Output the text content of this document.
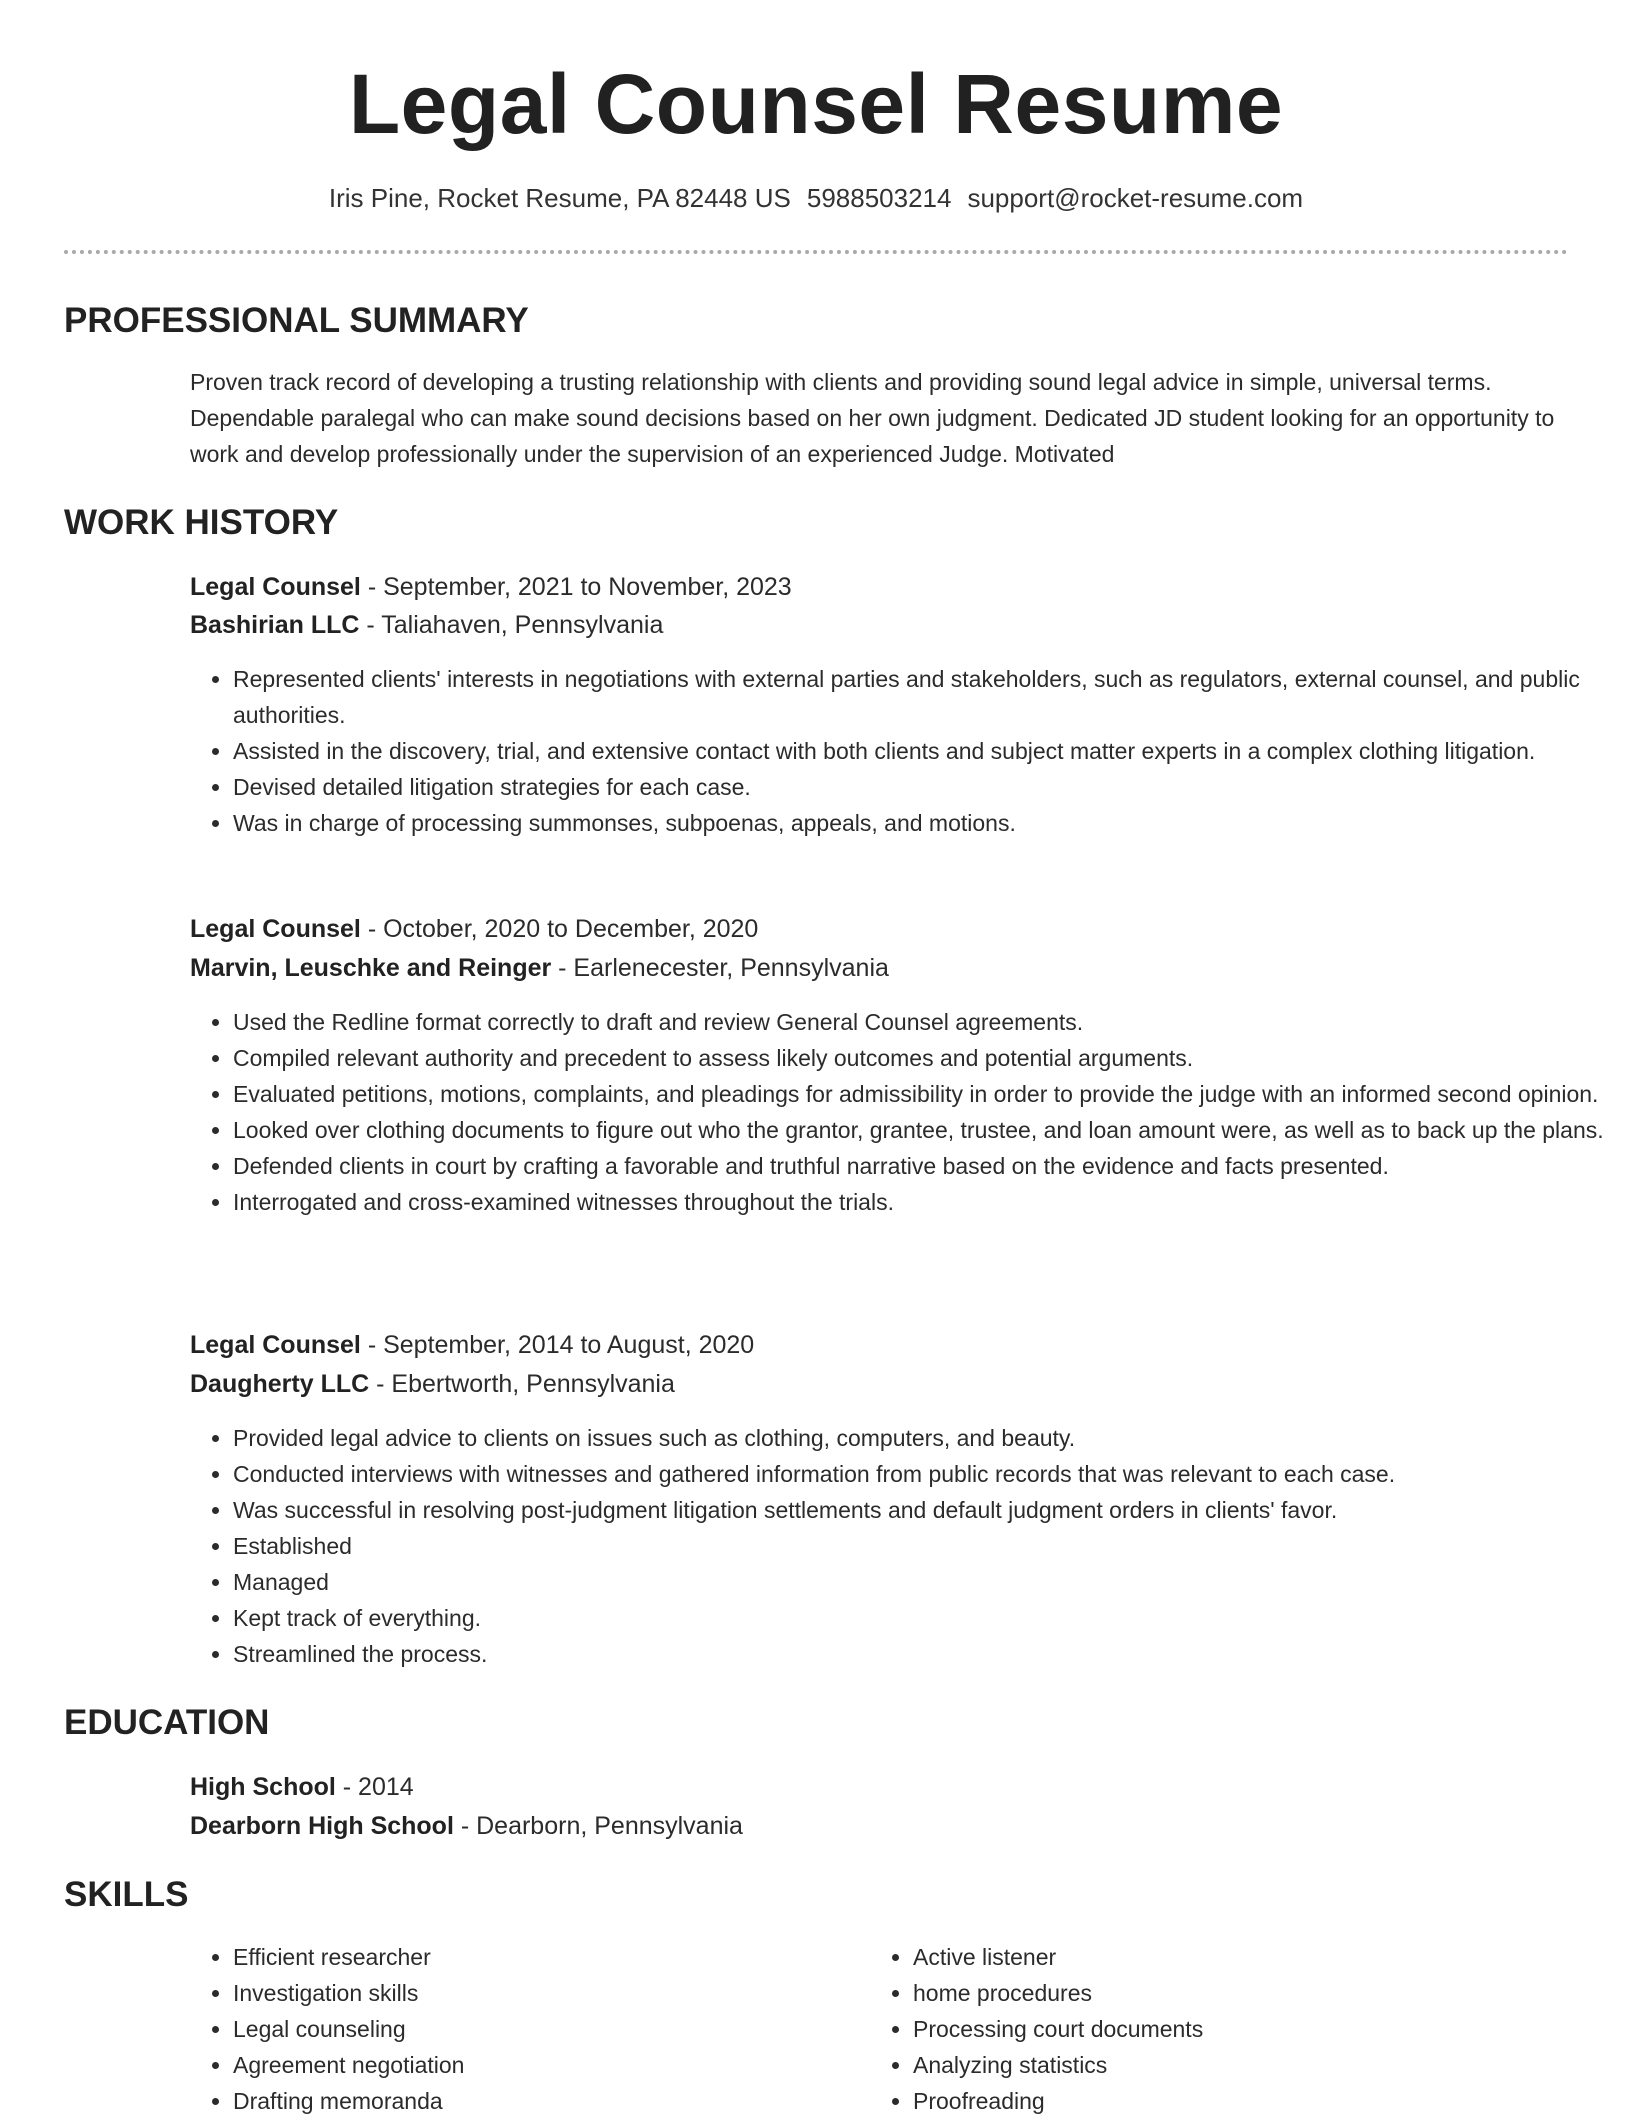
Legal Counsel Resume

Iris Pine, Rocket Resume, PA 82448 US 5988503214 support@rocket-resume.com

PROFESSIONAL SUMMARY

Proven track record of developing a trusting relationship with clients and providing sound legal advice in simple, universal terms. Dependable paralegal who can make sound decisions based on her own judgment. Dedicated JD student looking for an opportunity to work and develop professionally under the supervision of an experienced Judge. Motivated

WORK HISTORY

Legal Counsel - September, 2021 to November, 2023

Bashirian LLC - Taliahaven, Pennsylvania

• Represented clients' interests in negotiations with external parties and stakeholders, such as regulators, external counsel, and public authorities.
• Assisted in the discovery, trial, and extensive contact with both clients and subject matter experts in a complex clothing litigation.
• Devised detailed litigation strategies for each case.
• Was in charge of processing summonses, subpoenas, appeals, and motions.

Legal Counsel - October, 2020 to December, 2020

Marvin, Leuschke and Reinger - Earlenecester, Pennsylvania

• Used the Redline format correctly to draft and review General Counsel agreements.
• Compiled relevant authority and precedent to assess likely outcomes and potential arguments.
• Evaluated petitions, motions, complaints, and pleadings for admissibility in order to provide the judge with an informed second opinion.
• Looked over clothing documents to figure out who the grantor, grantee, trustee, and loan amount were, as well as to back up the plans.
• Defended clients in court by crafting a favorable and truthful narrative based on the evidence and facts presented.
• Interrogated and cross-examined witnesses throughout the trials.

Legal Counsel - September, 2014 to August, 2020

Daugherty LLC - Ebertworth, Pennsylvania

• Provided legal advice to clients on issues such as clothing, computers, and beauty.
• Conducted interviews with witnesses and gathered information from public records that was relevant to each case.
• Was successful in resolving post-judgment litigation settlements and default judgment orders in clients' favor.
• Established
• Managed
• Kept track of everything.
• Streamlined the process.
EDUCATION

High School - 2014

Dearborn High School - Dearborn, Pennsylvania

SKILLS
• Efficient researcher
• Investigation skills
• Legal counseling
• Agreement negotiation
• Drafting memoranda
• Active listener
• home procedures
• Processing court documents
• Analyzing statistics
• Proofreading
